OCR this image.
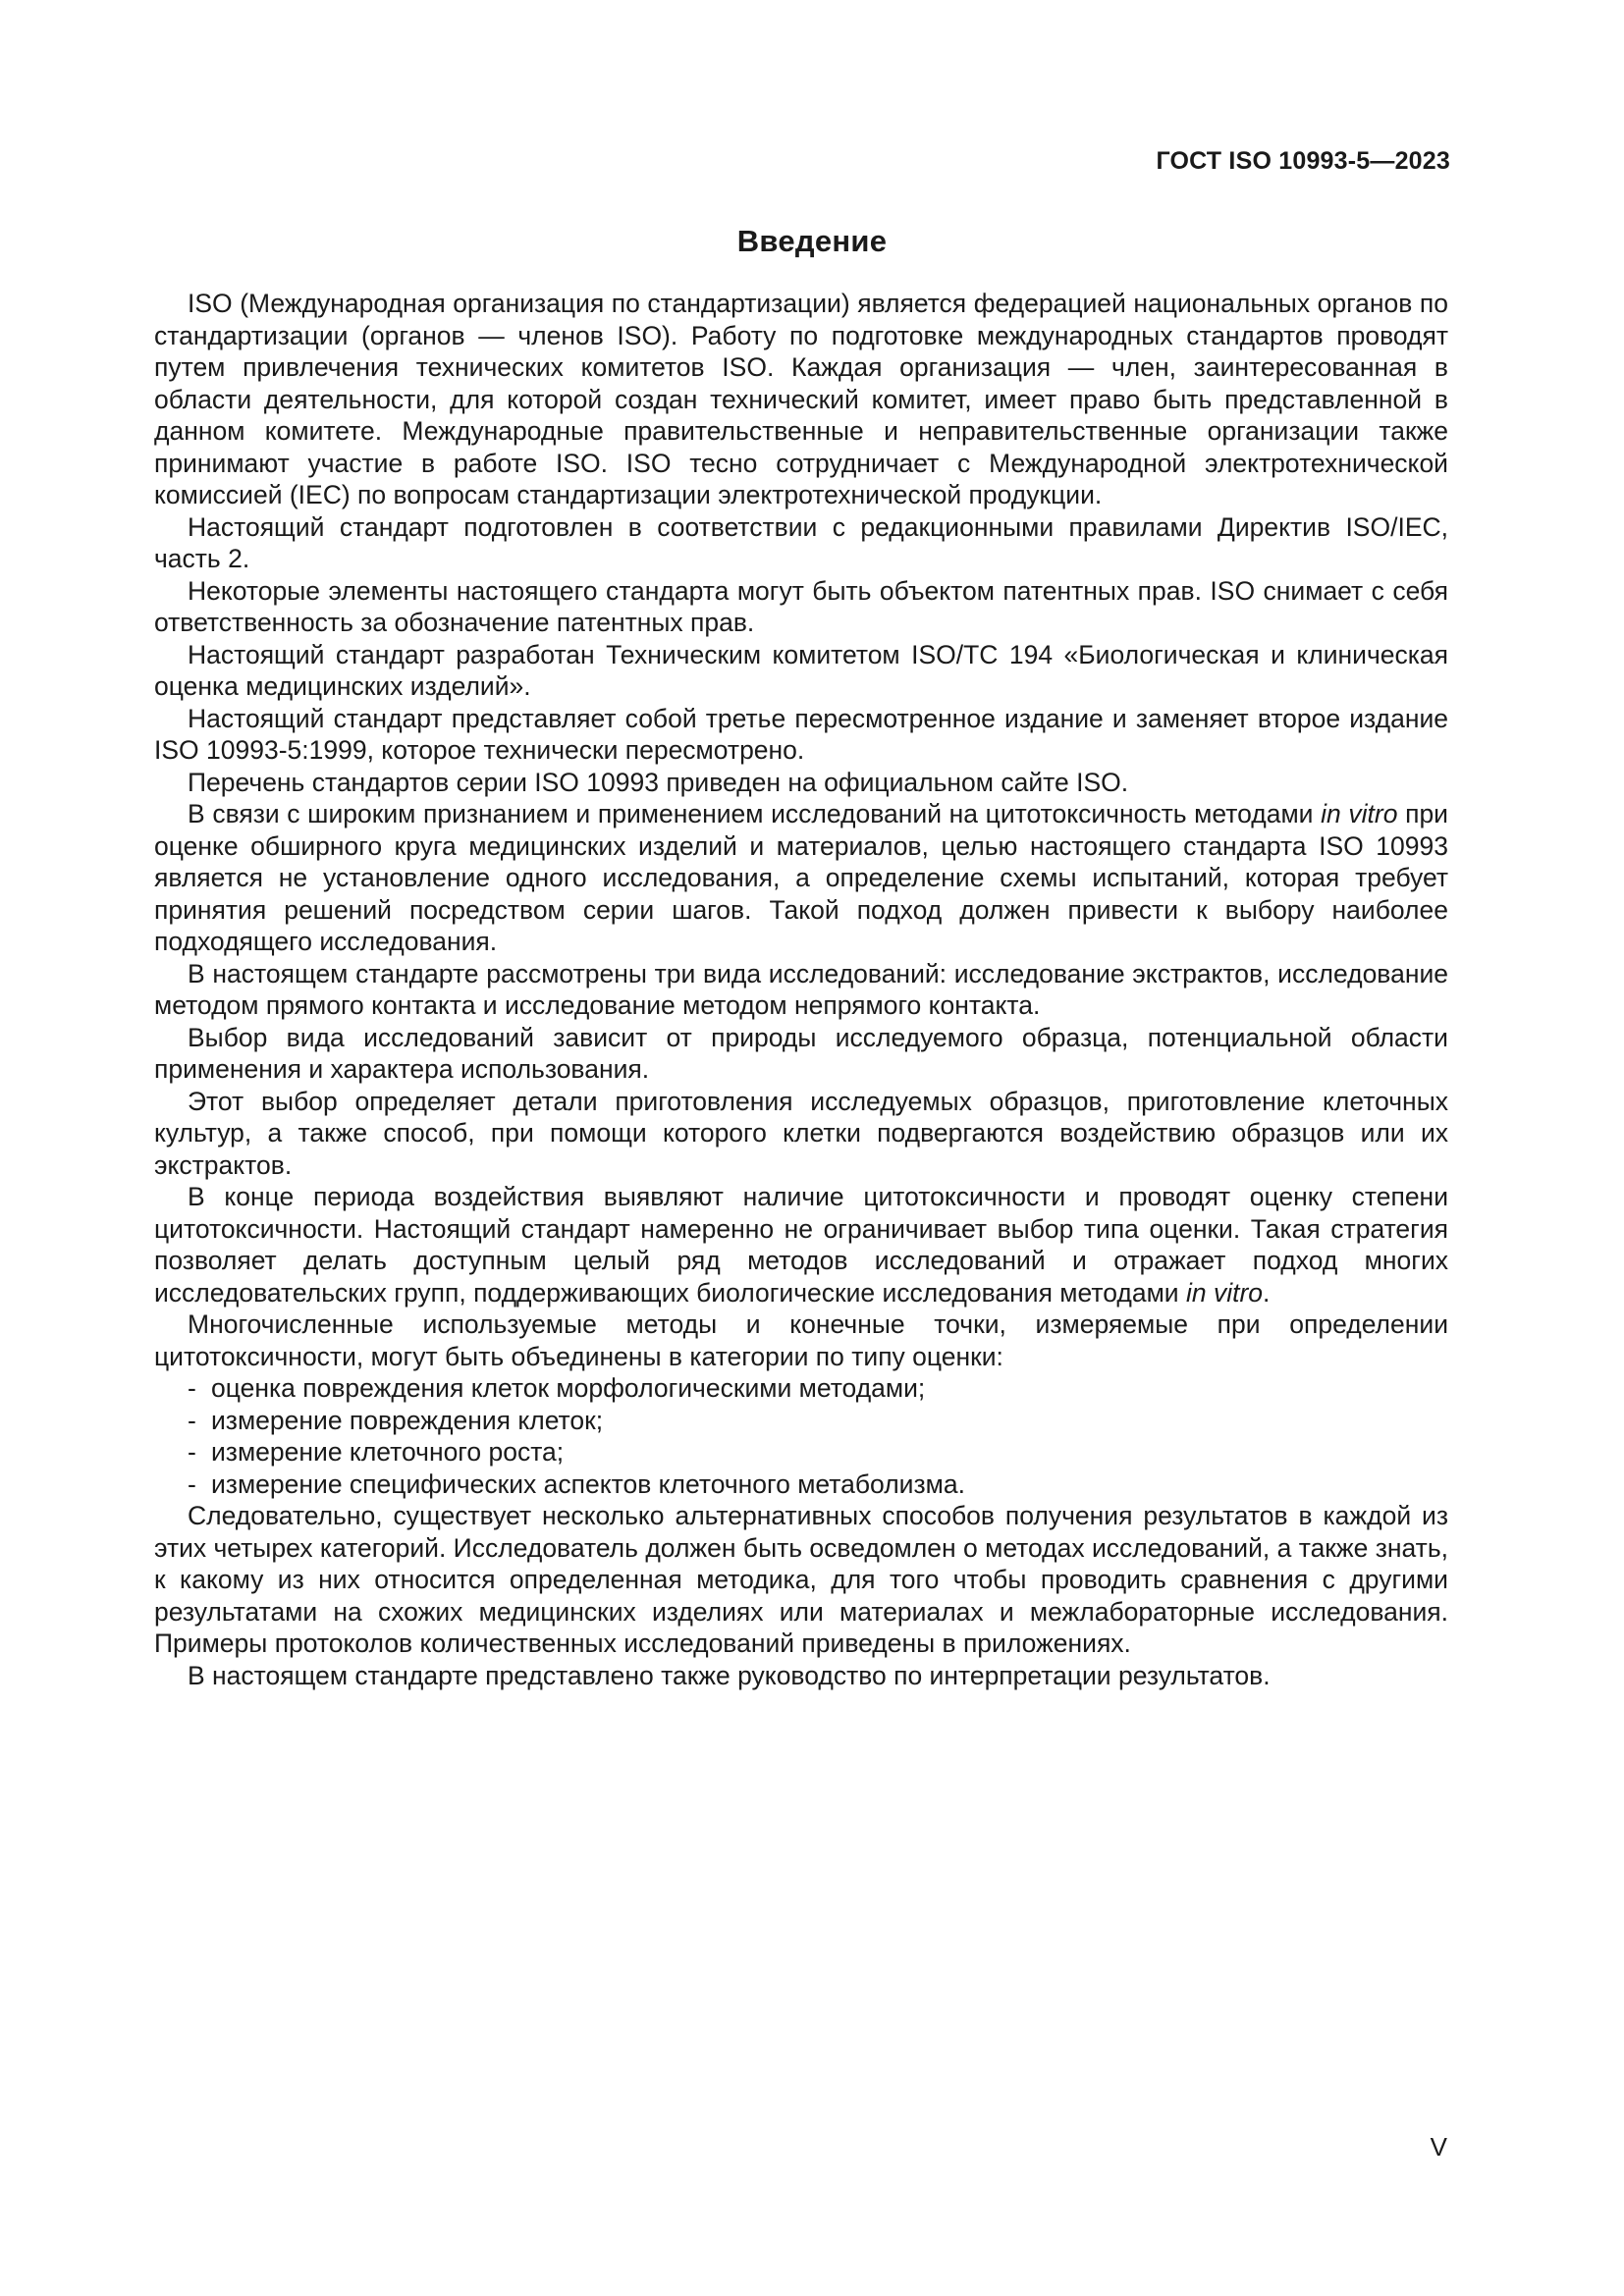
ГОСТ ISO 10993-5—2023
Введение

ISO (Международная организация по стандартизации) является федерацией национальных органов по стандартизации (органов — членов ISO). Работу по подготовке международных стандартов проводят путем привлечения технических комитетов ISO. Каждая организация — член, заинтересованная в области деятельности, для которой создан технический комитет, имеет право быть представленной в данном комитете. Международные правительственные и неправительственные организации также принимают участие в работе ISO. ISO тесно сотрудничает с Международной электротехнической комиссией (IEC) по вопросам стандартизации электротехнической продукции.

Настоящий стандарт подготовлен в соответствии с редакционными правилами Директив ISO/IEC, часть 2.

Некоторые элементы настоящего стандарта могут быть объектом патентных прав. ISO снимает с себя ответственность за обозначение патентных прав.

Настоящий стандарт разработан Техническим комитетом ISO/TC 194 «Биологическая и клиническая оценка медицинских изделий».

Настоящий стандарт представляет собой третье пересмотренное издание и заменяет второе издание ISO 10993-5:1999, которое технически пересмотрено.

Перечень стандартов серии ISO 10993 приведен на официальном сайте ISO.

В связи с широким признанием и применением исследований на цитотоксичность методами in vitro при оценке обширного круга медицинских изделий и материалов, целью настоящего стандарта ISO 10993 является не установление одного исследования, а определение схемы испытаний, которая требует принятия решений посредством серии шагов. Такой подход должен привести к выбору наиболее подходящего исследования.

В настоящем стандарте рассмотрены три вида исследований: исследование экстрактов, исследование методом прямого контакта и исследование методом непрямого контакта.

Выбор вида исследований зависит от природы исследуемого образца, потенциальной области применения и характера использования.

Этот выбор определяет детали приготовления исследуемых образцов, приготовление клеточных культур, а также способ, при помощи которого клетки подвергаются воздействию образцов или их экстрактов.

В конце периода воздействия выявляют наличие цитотоксичности и проводят оценку степени цитотоксичности. Настоящий стандарт намеренно не ограничивает выбор типа оценки. Такая стратегия позволяет делать доступным целый ряд методов исследований и отражает подход многих исследовательских групп, поддерживающих биологические исследования методами in vitro.

Многочисленные используемые методы и конечные точки, измеряемые при определении цитотоксичности, могут быть объединены в категории по типу оценки:

- оценка повреждения клеток морфологическими методами;
- измерение повреждения клеток;
- измерение клеточного роста;
- измерение специфических аспектов клеточного метаболизма.

Следовательно, существует несколько альтернативных способов получения результатов в каждой из этих четырех категорий. Исследователь должен быть осведомлен о методах исследований, а также знать, к какому из них относится определенная методика, для того чтобы проводить сравнения с другими результатами на схожих медицинских изделиях или материалах и межлабораторные исследования. Примеры протоколов количественных исследований приведены в приложениях.

В настоящем стандарте представлено также руководство по интерпретации результатов.

V
